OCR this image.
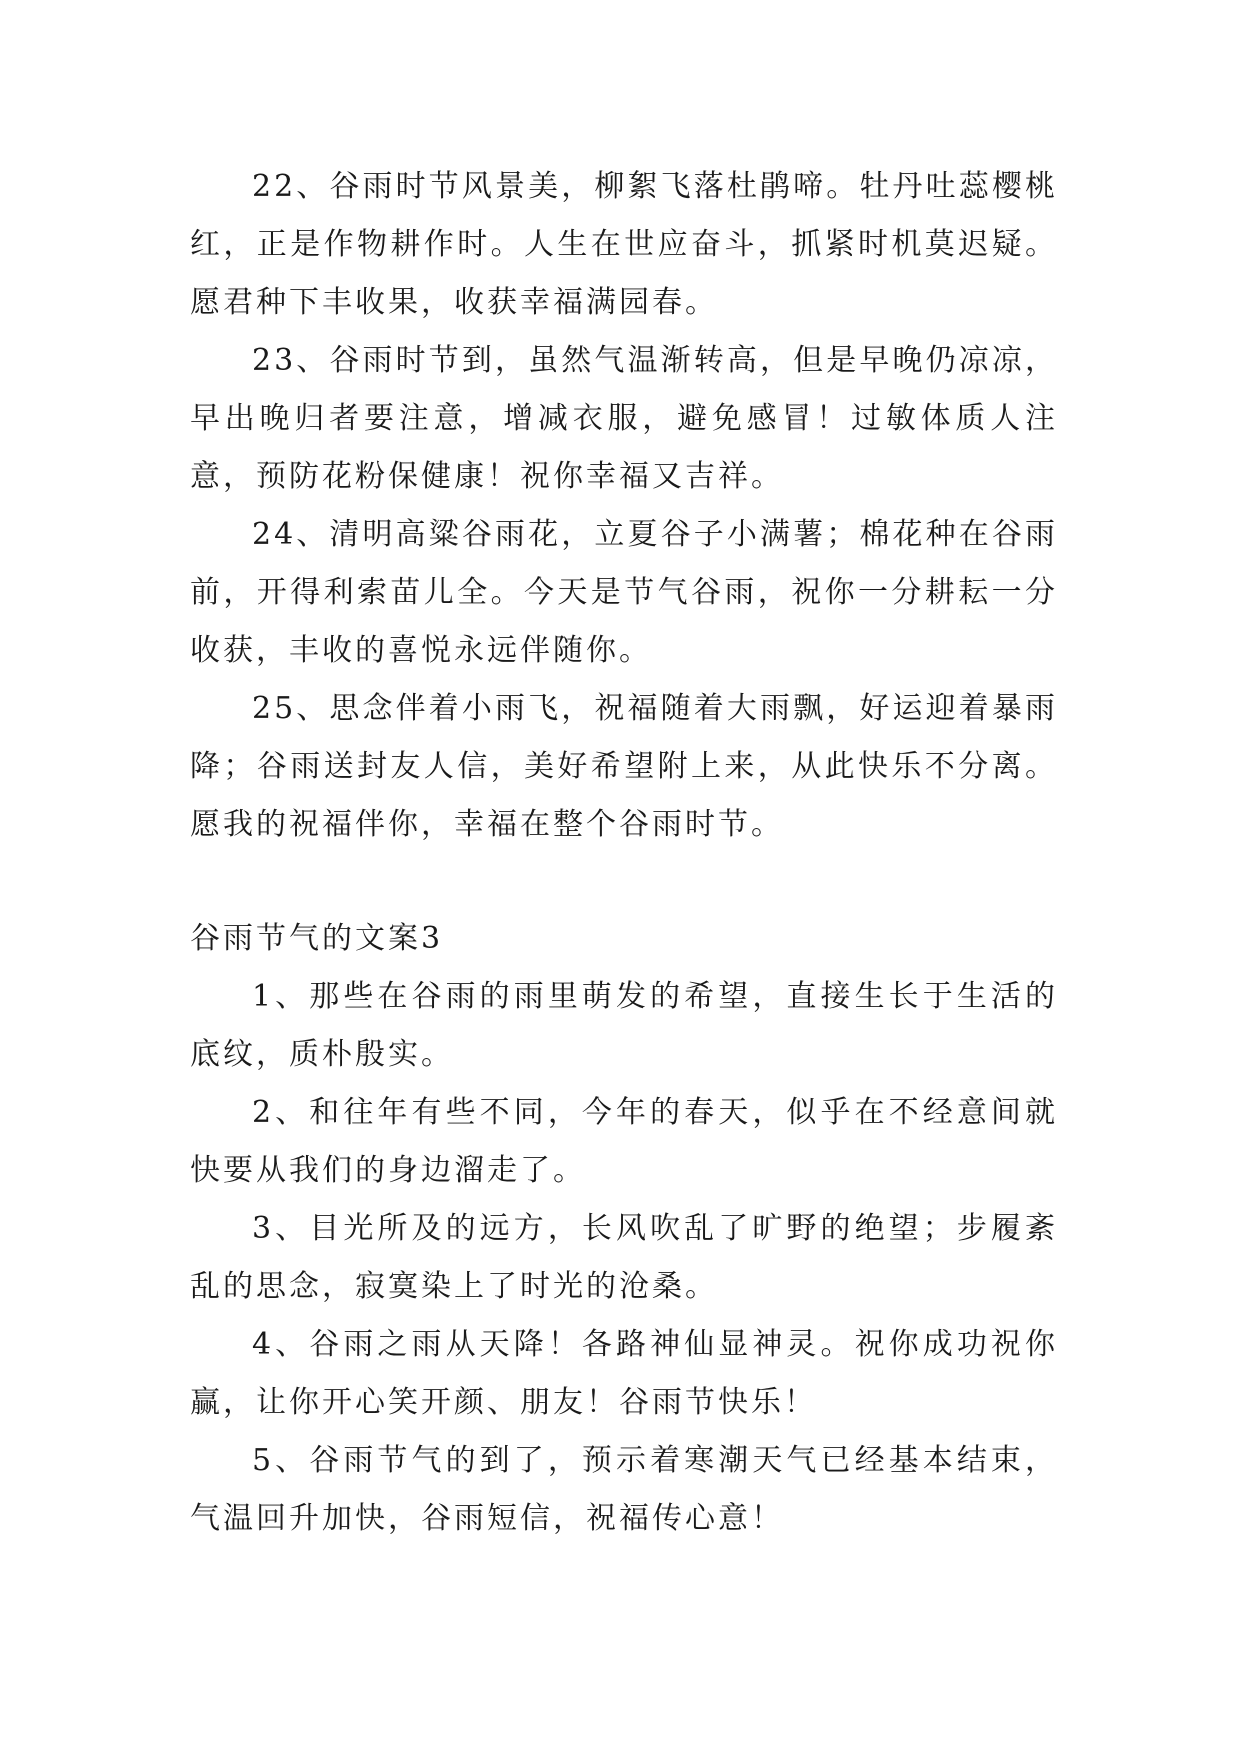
22、谷雨时节风景美，柳絮飞落杜鹃啼。牡丹吐蕊樱桃红，正是作物耕作时。人生在世应奋斗，抓紧时机莫迟疑。愿君种下丰收果，收获幸福满园春。

23、谷雨时节到，虽然气温渐转高，但是早晚仍凉凉，早出晚归者要注意，增减衣服，避免感冒！过敏体质人注意，预防花粉保健康！祝你幸福又吉祥。

24、清明高粱谷雨花，立夏谷子小满薯；棉花种在谷雨前，开得利索苗儿全。今天是节气谷雨，祝你一分耕耘一分收获，丰收的喜悦永远伴随你。

25、思念伴着小雨飞，祝福随着大雨飘，好运迎着暴雨降；谷雨送封友人信，美好希望附上来，从此快乐不分离。愿我的祝福伴你，幸福在整个谷雨时节。

谷雨节气的文案3

1、那些在谷雨的雨里萌发的希望，直接生长于生活的底纹，质朴殷实。

2、和往年有些不同，今年的春天，似乎在不经意间就快要从我们的身边溜走了。

3、目光所及的远方，长风吹乱了旷野的绝望；步履紊乱的思念，寂寞染上了时光的沧桑。

4、谷雨之雨从天降！各路神仙显神灵。祝你成功祝你赢，让你开心笑开颜、朋友！谷雨节快乐！

5、谷雨节气的到了，预示着寒潮天气已经基本结束，气温回升加快，谷雨短信，祝福传心意！
